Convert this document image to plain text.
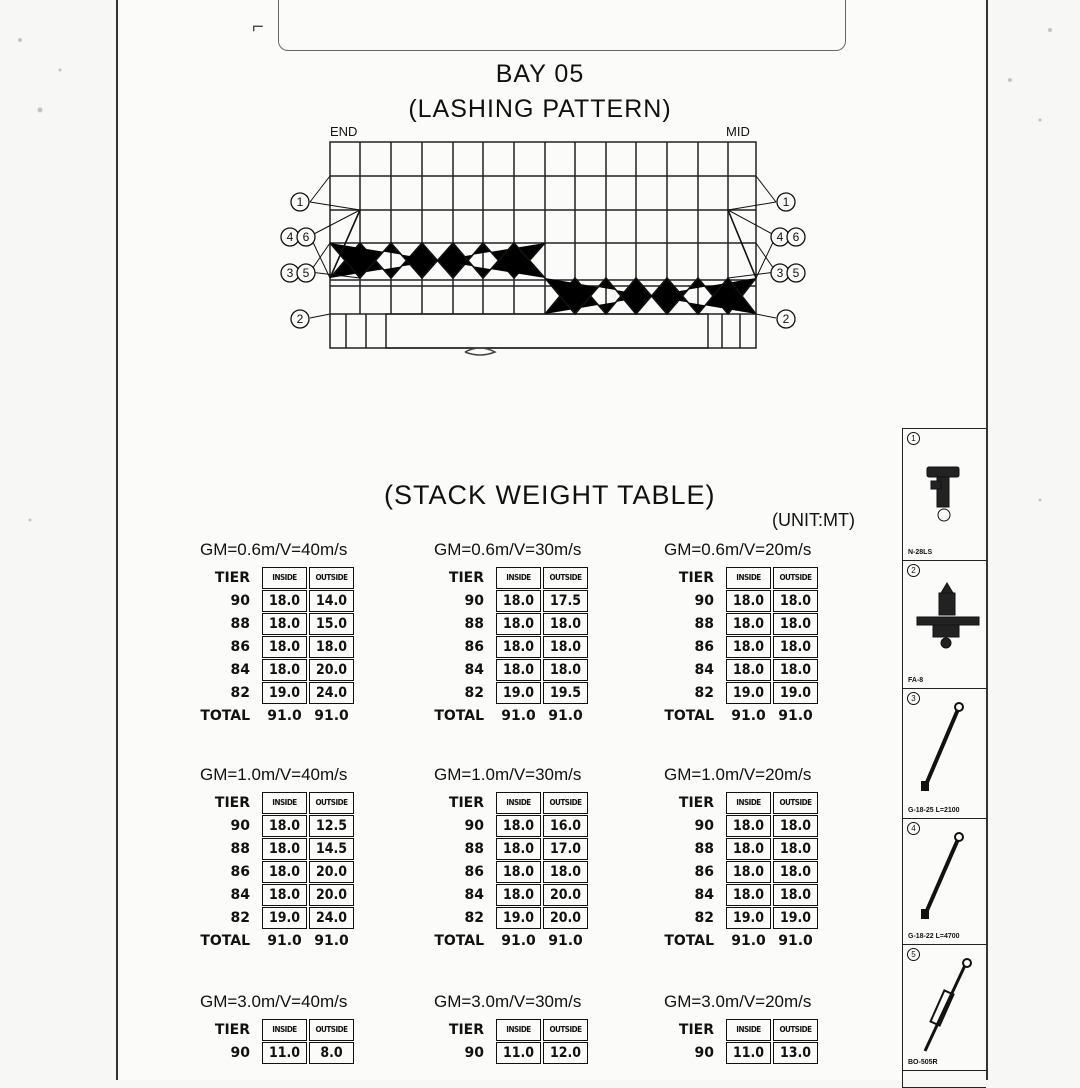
⌐
BAY 05
(LASHING PATTERN)
END	MID
1
4 6
3 5
2
1
4 6
3 5
2
(STACK WEIGHT TABLE)
(UNIT:MT)
GM=0.6m/V=40m/s
TIER	INSIDE	OUTSIDE
90	18.0	14.0
88	18.0	15.0
86	18.0	18.0
84	18.0	20.0
82	19.0	24.0
TOTAL	91.0 91.0
GM=0.6m/V=30m/s
TIER	INSIDE	OUTSIDE
90	18.0	17.5
88	18.0	18.0
86	18.0	18.0
84	18.0	18.0
82	19.0	19.5
TOTAL	91.0 91.0
GM=0.6m/V=20m/s
TIER	INSIDE	OUTSIDE
90	18.0	18.0
88	18.0	18.0
86	18.0	18.0
84	18.0	18.0
82	19.0	19.0
TOTAL	91.0 91.0
GM=1.0m/V=40m/s
TIER	INSIDE	OUTSIDE
90	18.0	12.5
88	18.0	14.5
86	18.0	20.0
84	18.0	20.0
82	19.0	24.0
TOTAL	91.0 91.0
GM=1.0m/V=30m/s
TIER	INSIDE	OUTSIDE
90	18.0	16.0
88	18.0	17.0
86	18.0	18.0
84	18.0	20.0
82	19.0	20.0
TOTAL	91.0 91.0
GM=1.0m/V=20m/s
TIER	INSIDE	OUTSIDE
90	18.0	18.0
88	18.0	18.0
86	18.0	18.0
84	18.0	18.0
82	19.0	19.0
TOTAL	91.0 91.0
GM=3.0m/V=40m/s
TIER	INSIDE	OUTSIDE
90	11.0	8.0
GM=3.0m/V=30m/s
TIER	INSIDE	OUTSIDE
90	11.0	12.0
GM=3.0m/V=20m/s
TIER	INSIDE	OUTSIDE
90	11.0	13.0
1
N-28LS
2
FA-8
3
G-18-25 L=2100
4
G-18-22 L=4700
5
BO-505R
